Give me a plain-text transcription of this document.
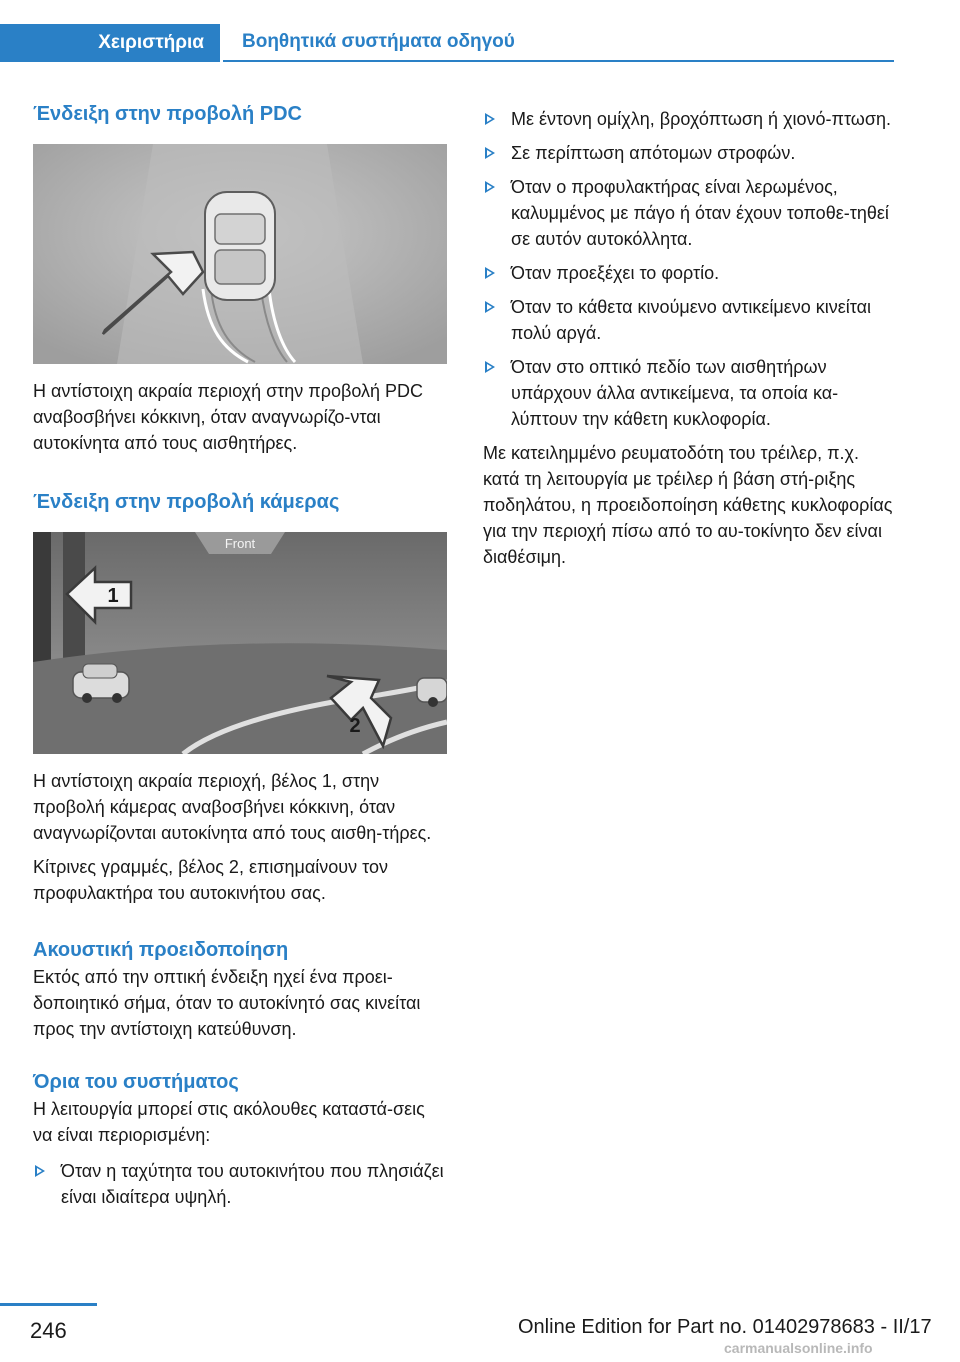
Χειριστήρια Βοηθητικά συστήματα οδηγού
Ένδειξη στην προβολή PDC

Η αντίστοιχη ακραία περιοχή στην προβολή PDC αναβοσβήνει κόκκινη, όταν αναγνωρίζο-νται αυτοκίνητα από τους αισθητήρες.

Ένδειξη στην προβολή κάμερας
Front
1
2

Η αντίστοιχη ακραία περιοχή, βέλος 1, στην προβολή κάμερας αναβοσβήνει κόκκινη, όταν αναγνωρίζονται αυτοκίνητα από τους αισθη-τήρες.

Κίτρινες γραμμές, βέλος 2, επισημαίνουν τον προφυλακτήρα του αυτοκινήτου σας.

Ακουστική προειδοποίηση

Εκτός από την οπτική ένδειξη ηχεί ένα προει-δοποιητικό σήμα, όταν το αυτοκίνητό σας κινείται προς την αντίστοιχη κατεύθυνση.

Όρια του συστήματος

Η λειτουργία μπορεί στις ακόλουθες καταστά-σεις να είναι περιορισμένη:

Όταν η ταχύτητα του αυτοκινήτου που πλησιάζει είναι ιδιαίτερα υψηλή.
Με έντονη ομίχλη, βροχόπτωση ή χιονό-πτωση.
Σε περίπτωση απότομων στροφών.
Όταν ο προφυλακτήρας είναι λερωμένος, καλυμμένος με πάγο ή όταν έχουν τοποθε-τηθεί σε αυτόν αυτοκόλλητα.
Όταν προεξέχει το φορτίο.
Όταν το κάθετα κινούμενο αντικείμενο κινείται πολύ αργά.
Όταν στο οπτικό πεδίο των αισθητήρων υπάρχουν άλλα αντικείμενα, τα οποία κα-λύπτουν την κάθετη κυκλοφορία.

Με κατειλημμένο ρευματοδότη του τρέιλερ, π.χ. κατά τη λειτουργία με τρέιλερ ή βάση στή-ριξης ποδηλάτου, η προειδοποίηση κάθετης κυκλοφορίας για την περιοχή πίσω από το αυ-τοκίνητο δεν είναι διαθέσιμη.

246	Online Edition for Part no. 01402978683 - II/17
carmanualsonline.info
